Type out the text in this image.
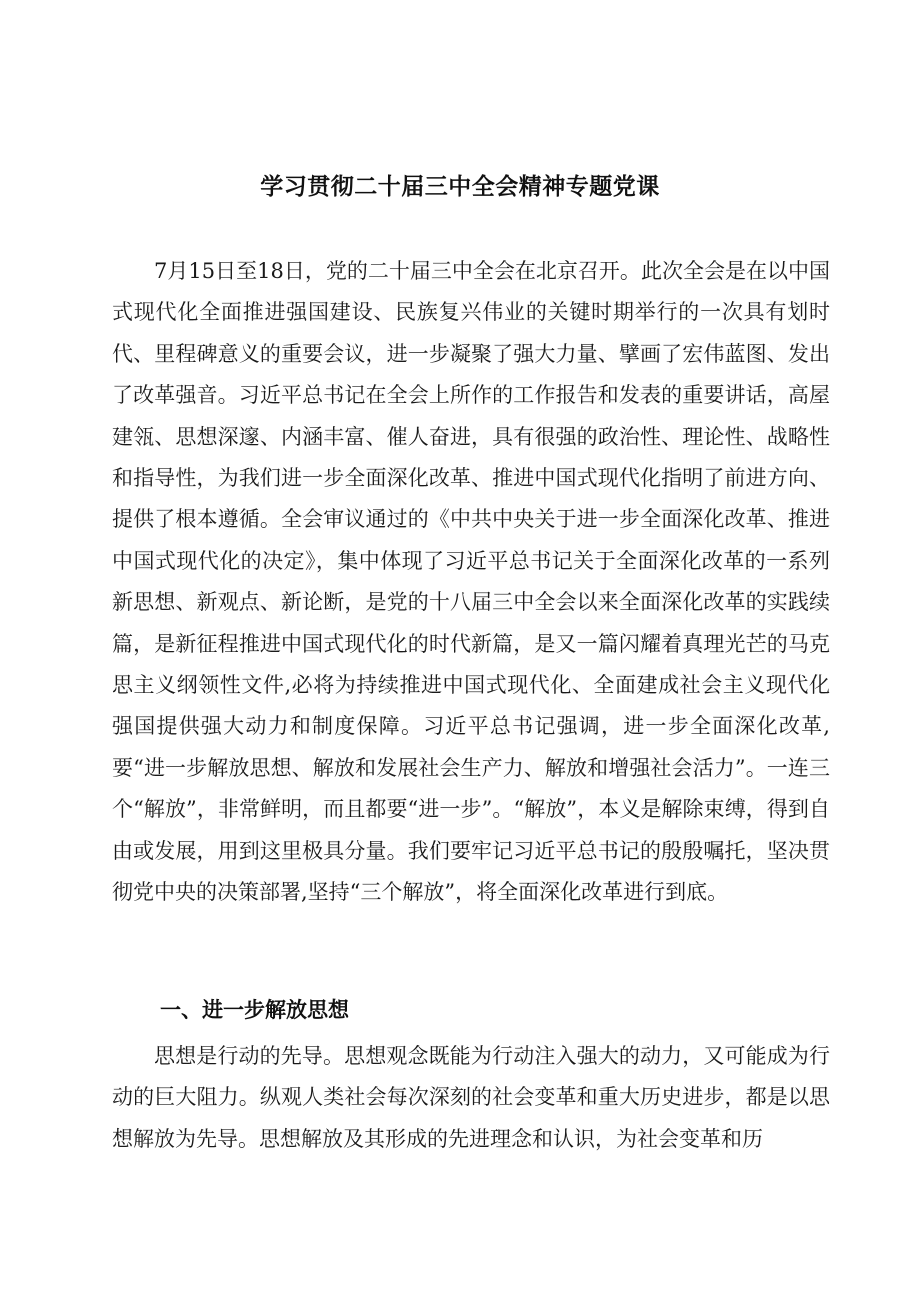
学习贯彻二十届三中全会精神专题党课

7月15日至18日，党的二十届三中全会在北京召开。此次全会是在以中国式现代化全面推进强国建设、民族复兴伟业的关键时期举行的一次具有划时代、里程碑意义的重要会议，进一步凝聚了强大力量、擘画了宏伟蓝图、发出了改革强音。习近平总书记在全会上所作的工作报告和发表的重要讲话，高屋建瓴、思想深邃、内涵丰富、催人奋进，具有很强的政治性、理论性、战略性和指导性，为我们进一步全面深化改革、推进中国式现代化指明了前进方向、提供了根本遵循。全会审议通过的《中共中央关于进一步全面深化改革、推进中国式现代化的决定》，集中体现了习近平总书记关于全面深化改革的一系列新思想、新观点、新论断，是党的十八届三中全会以来全面深化改革的实践续篇，是新征程推进中国式现代化的时代新篇，是又一篇闪耀着真理光芒的马克思主义纲领性文件,必将为持续推进中国式现代化、全面建成社会主义现代化强国提供强大动力和制度保障。习近平总书记强调，进一步全面深化改革,要“进一步解放思想、解放和发展社会生产力、解放和增强社会活力”。一连三个“解放”，非常鲜明，而且都要“进一步”。“解放”，本义是解除束缚，得到自由或发展，用到这里极具分量。我们要牢记习近平总书记的殷殷嘱托，坚决贯彻党中央的决策部署,坚持“三个解放”，将全面深化改革进行到底。

一、进一步解放思想

思想是行动的先导。思想观念既能为行动注入强大的动力，又可能成为行动的巨大阻力。纵观人类社会每次深刻的社会变革和重大历史进步，都是以思想解放为先导。思想解放及其形成的先进理念和认识，为社会变革和历
